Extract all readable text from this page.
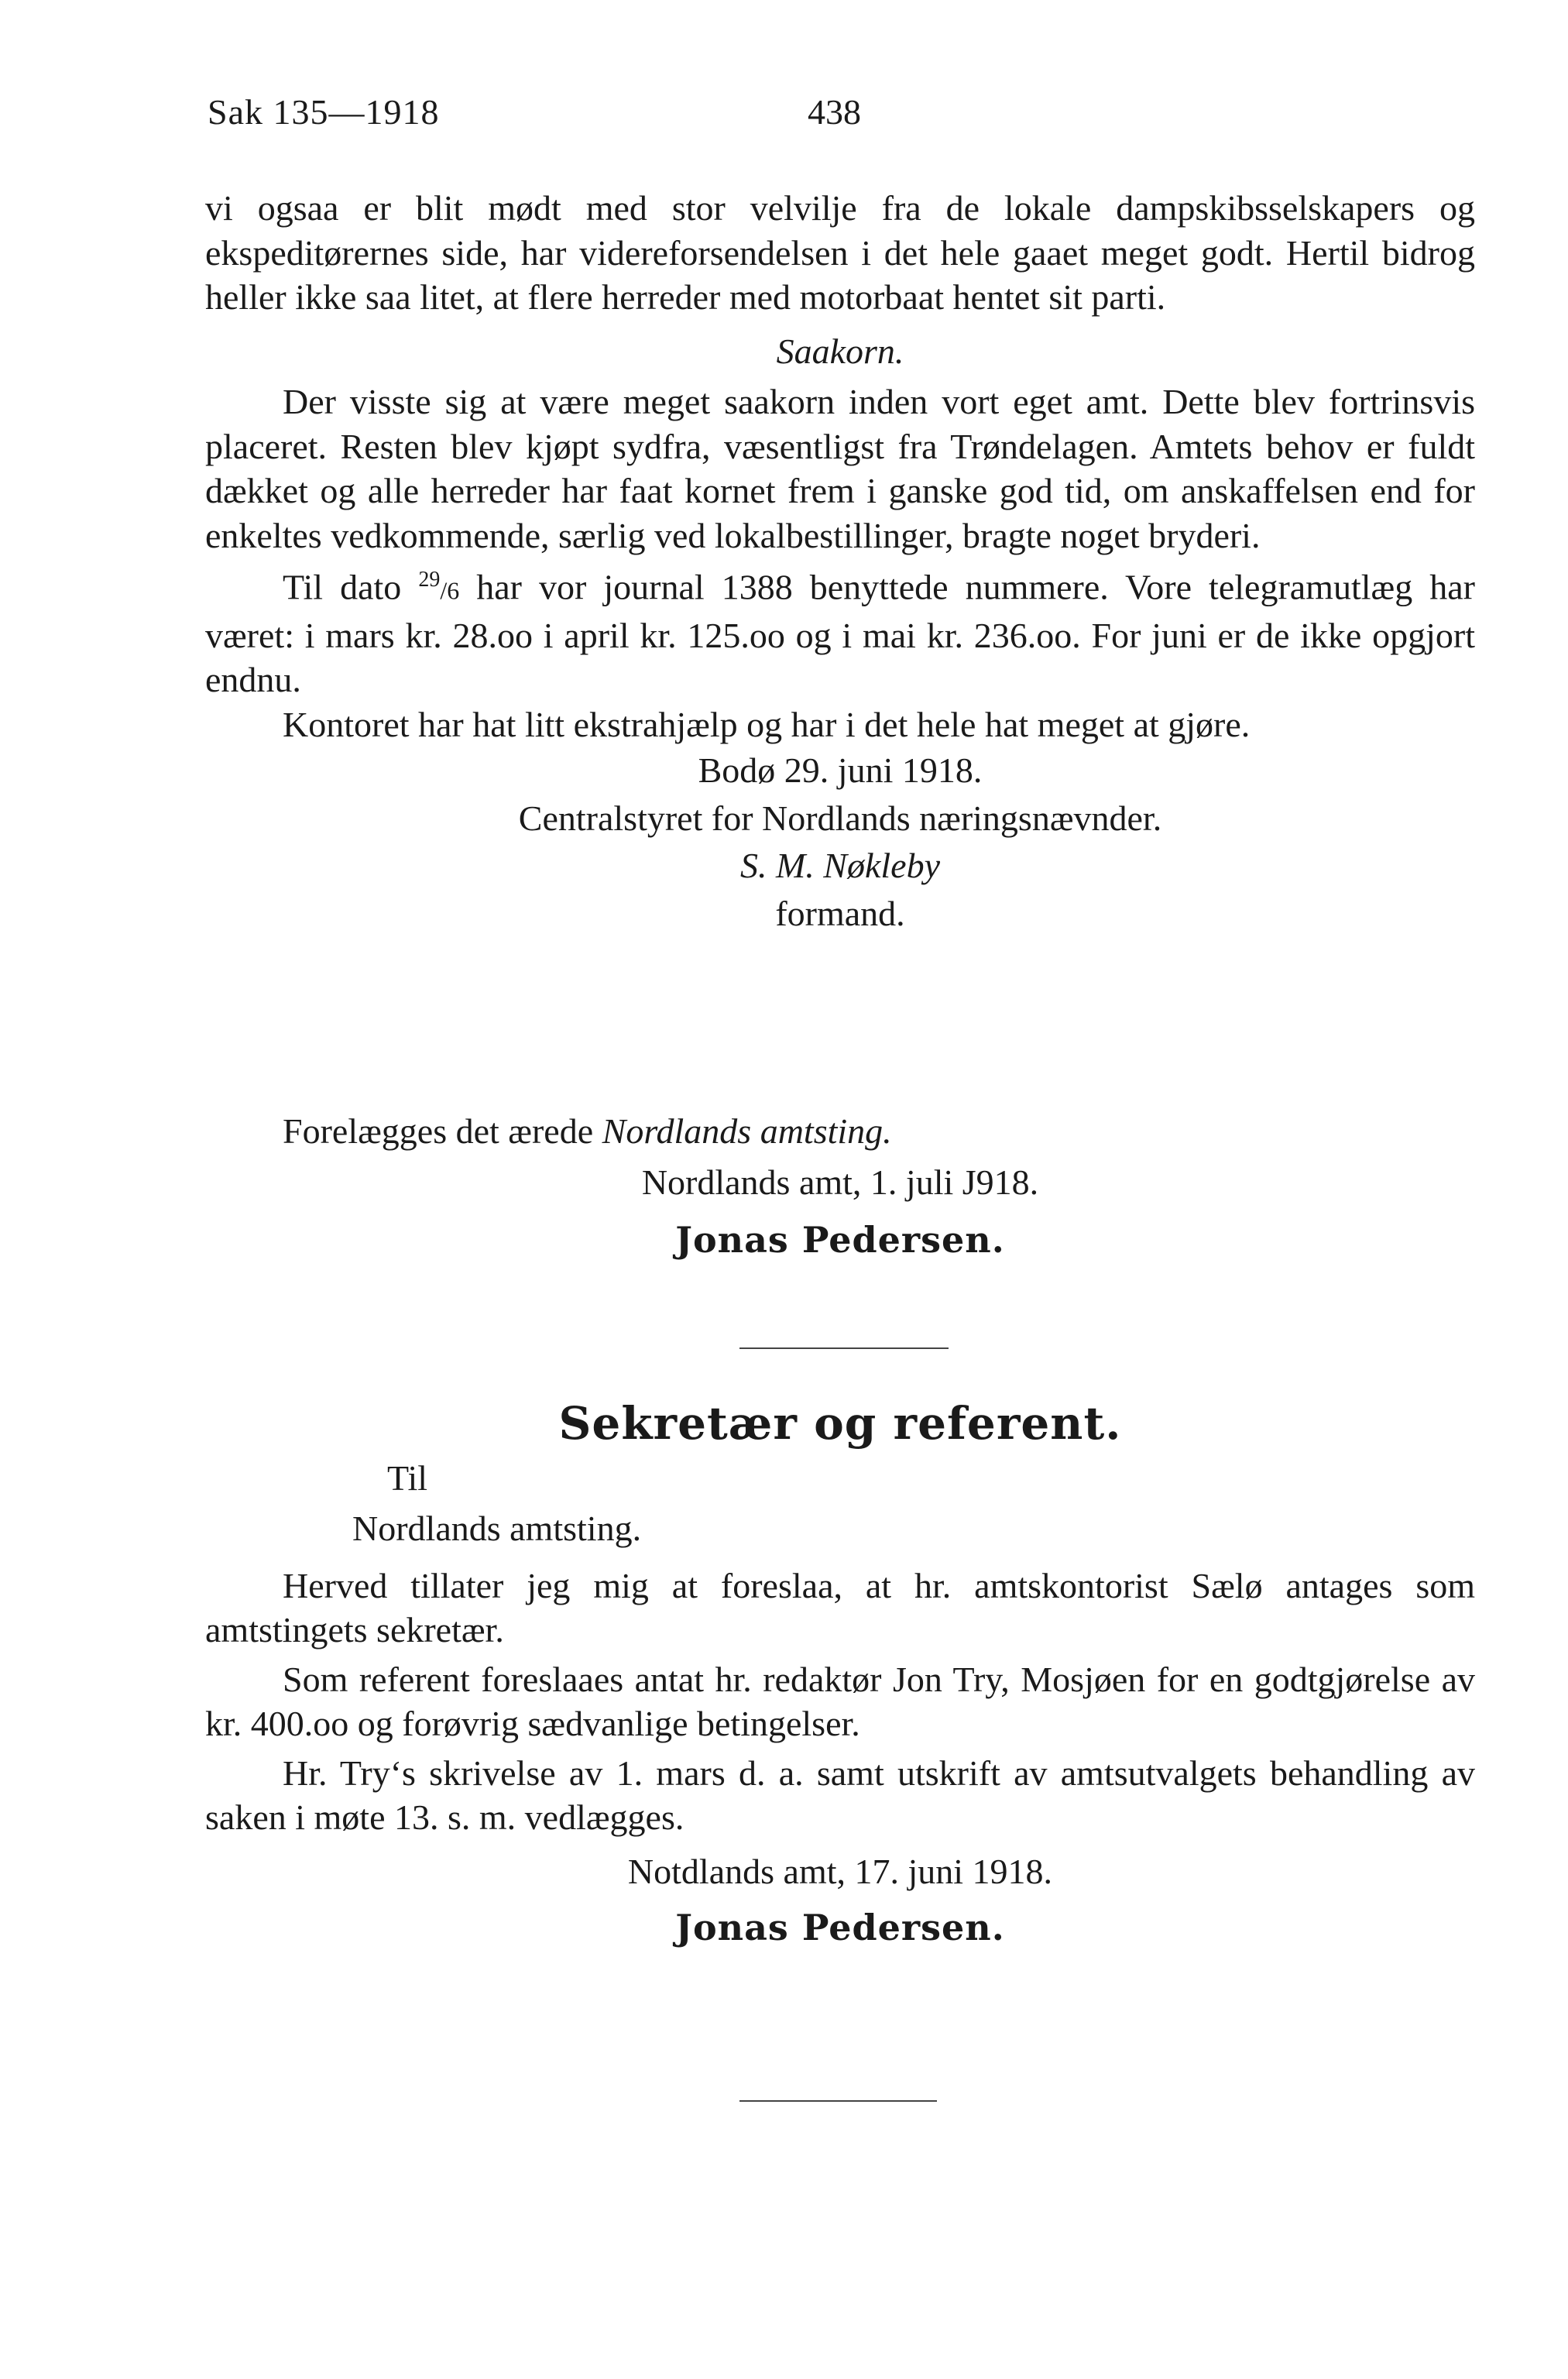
Sak 135—1918	438

vi ogsaa er blit mødt med stor velvilje fra de lokale dampskibsselskapers og ekspeditørernes side, har videreforsendelsen i det hele gaaet meget godt. Hertil bidrog heller ikke saa litet, at flere herreder med motorbaat hentet sit parti.

Saakorn.

Der visste sig at være meget saakorn inden vort eget amt. Dette blev fortrinsvis placeret. Resten blev kjøpt sydfra, væsentligst fra Trøndelagen. Amtets behov er fuldt dækket og alle herreder har faat kornet frem i ganske god tid, om anskaffelsen end for enkeltes vedkommende, særlig ved lokalbestillinger, bragte noget bryderi.

Til dato $^{29}$/6 har vor journal 1388 benyttede nummere. Vore telegramutlæg har været: i mars kr. 28.oo i april kr. 125.oo og i mai kr. 236.oo. For juni er de ikke opgjort endnu.

Kontoret har hat litt ekstrahjælp og har i det hele hat meget at gjøre.

Bodø 29. juni 1918.

Centralstyret for Nordlands næringsnævnder.

S. M. Nøkleby

formand.

Forelægges det ærede Nordlands amtsting.

Nordlands amt, 1. juli J918.

Jonas Pedersen.

Sekretær og referent.

Til

Nordlands amtsting.

Herved tillater jeg mig at foreslaa, at hr. amtskontorist Sælø antages som amtstingets sekretær.

Som referent foreslaaes antat hr. redaktør Jon Try, Mosjøen for en godtgjørelse av kr. 400.oo og forøvrig sædvanlige betingelser.

Hr. Try‘s skrivelse av 1. mars d. a. samt utskrift av amtsutvalgets behandling av saken i møte 13. s. m. vedlægges.

Notdlands amt, 17. juni 1918.

Jonas Pedersen.
